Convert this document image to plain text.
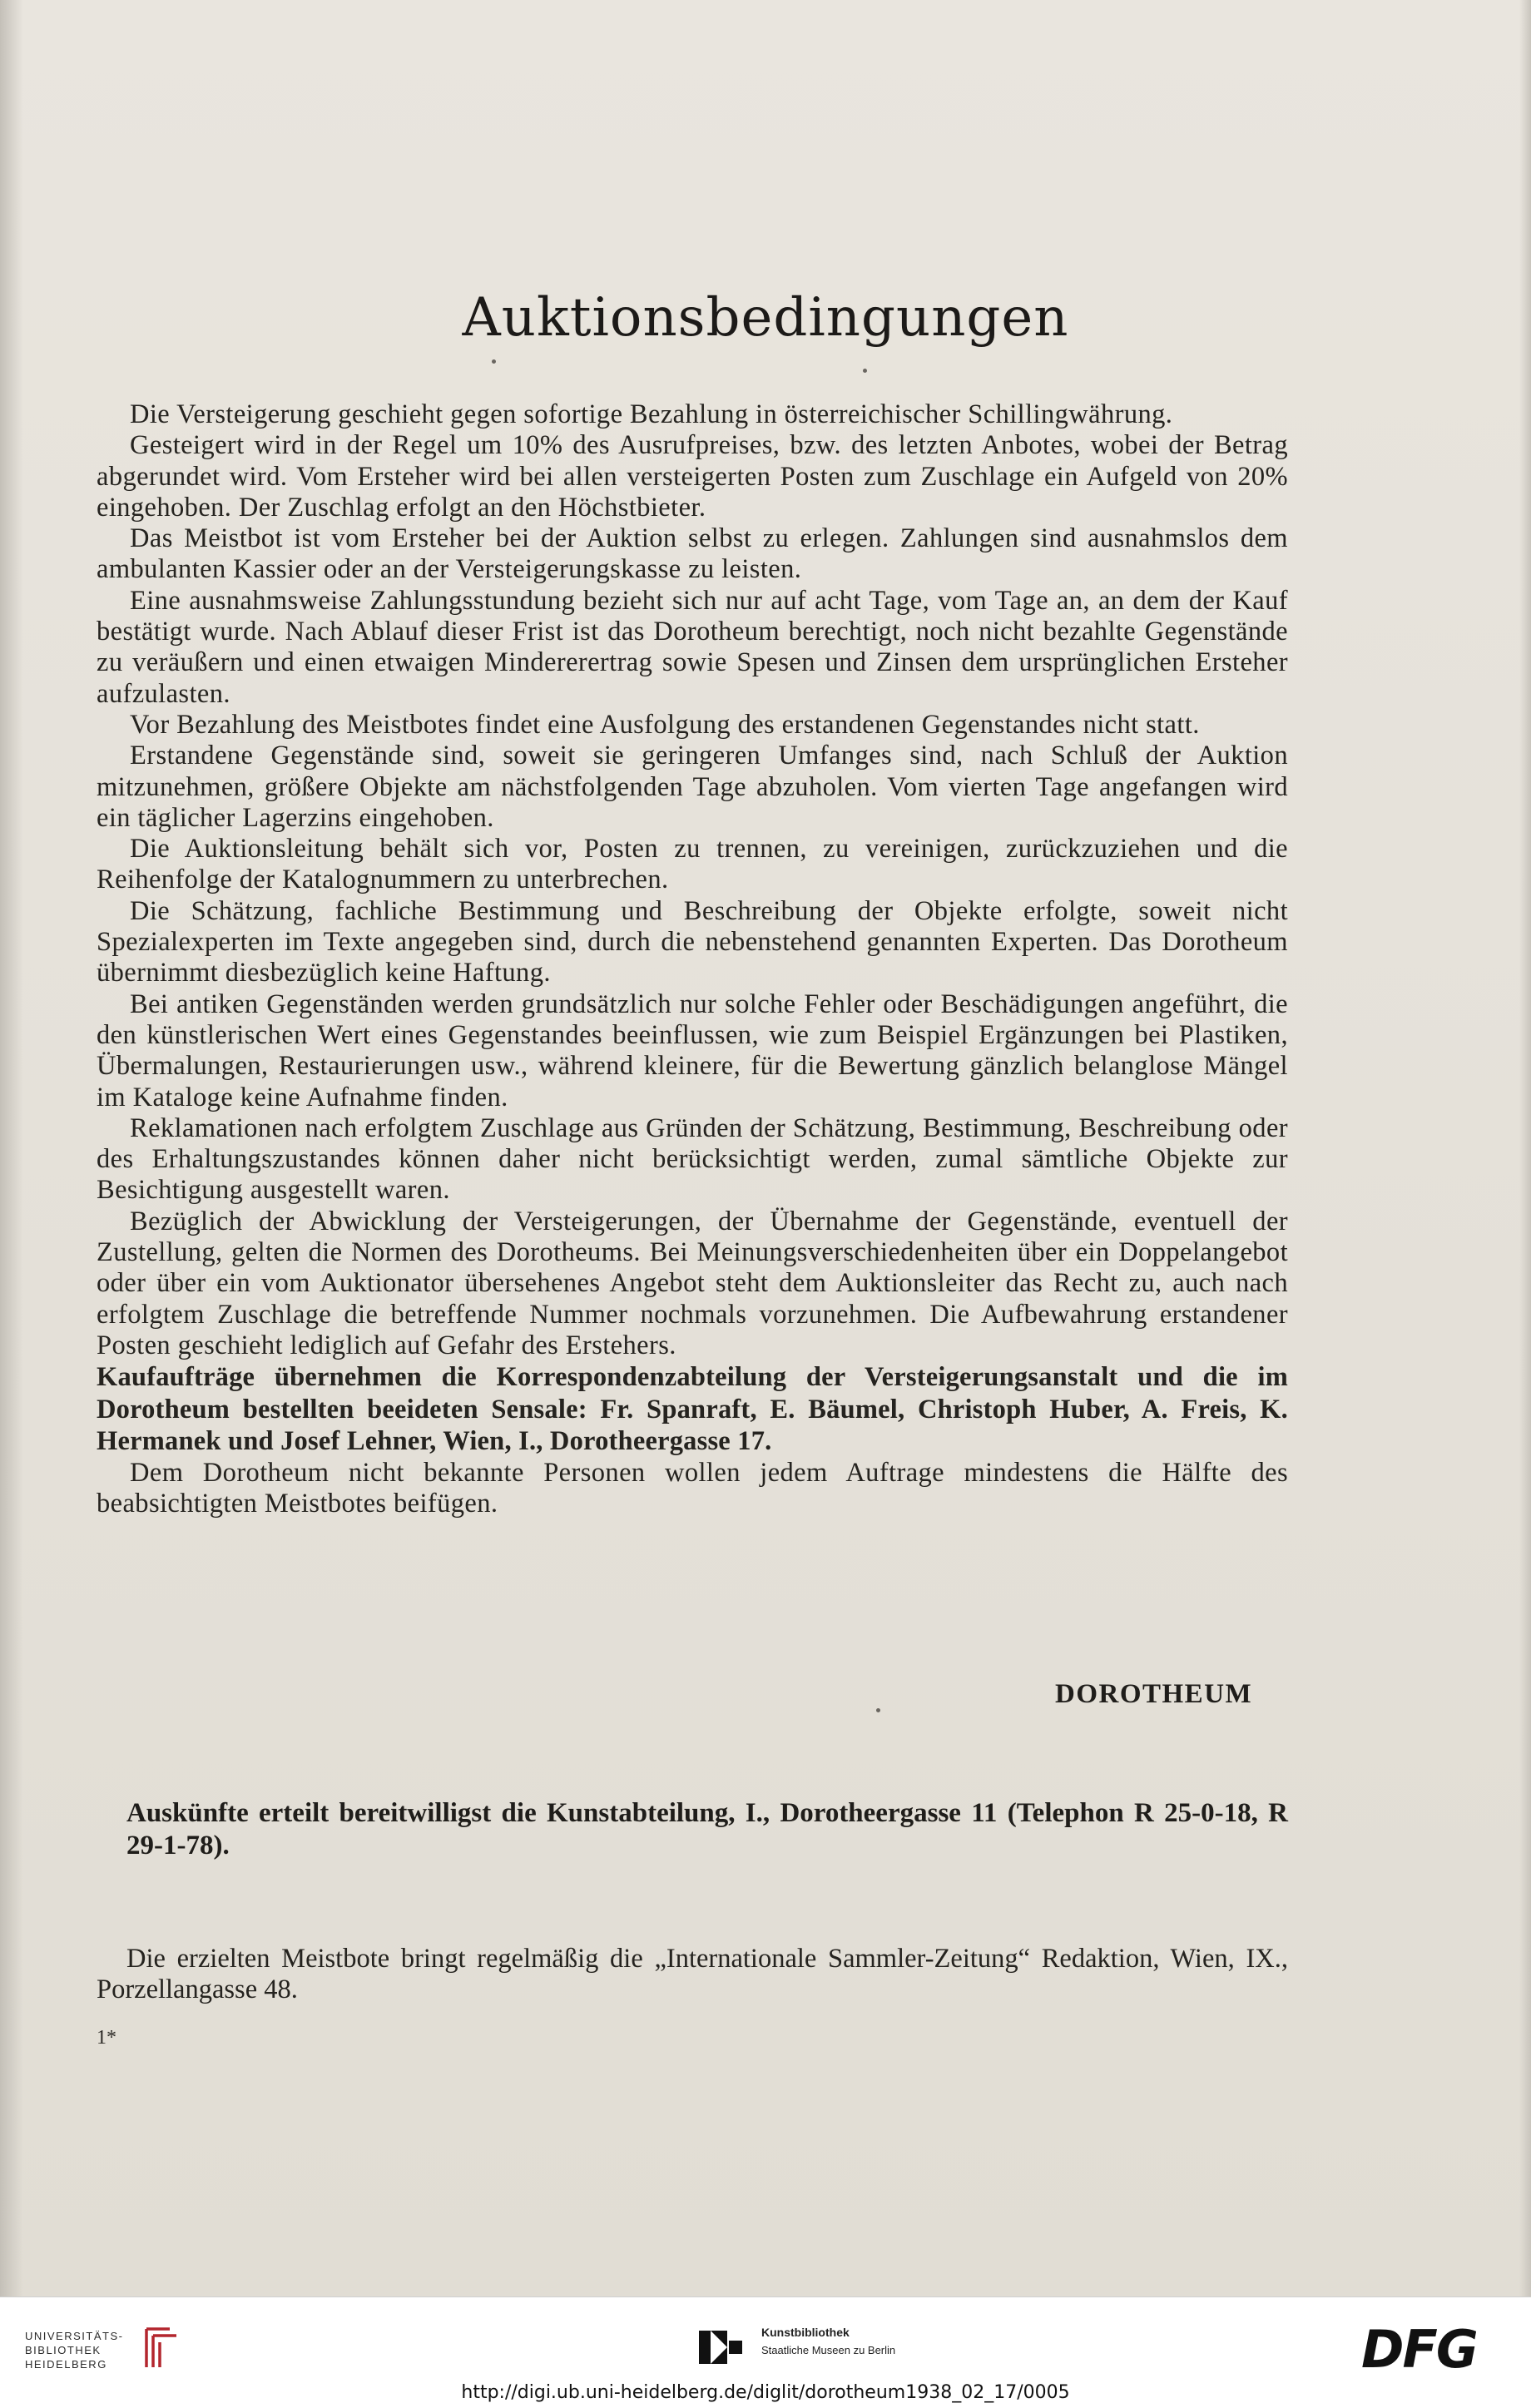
Auktionsbedingungen

Die Versteigerung geschieht gegen sofortige Bezahlung in österreichischer Schillingwährung.

Gesteigert wird in der Regel um 10% des Ausrufpreises, bzw. des letzten Anbotes, wobei der Betrag abgerundet wird. Vom Ersteher wird bei allen versteigerten Posten zum Zuschlage ein Aufgeld von 20% eingehoben. Der Zuschlag erfolgt an den Höchstbieter.

Das Meistbot ist vom Ersteher bei der Auktion selbst zu erlegen. Zahlungen sind ausnahmslos dem ambulanten Kassier oder an der Versteigerungskasse zu leisten.

Eine ausnahmsweise Zahlungsstundung bezieht sich nur auf acht Tage, vom Tage an, an dem der Kauf bestätigt wurde. Nach Ablauf dieser Frist ist das Dorotheum berechtigt, noch nicht bezahlte Gegenstände zu veräußern und einen etwaigen Mindererertrag sowie Spesen und Zinsen dem ursprünglichen Ersteher aufzulasten.

Vor Bezahlung des Meistbotes findet eine Ausfolgung des erstandenen Gegenstandes nicht statt.

Erstandene Gegenstände sind, soweit sie geringeren Umfanges sind, nach Schluß der Auktion mitzunehmen, größere Objekte am nächstfolgenden Tage abzuholen. Vom vierten Tage angefangen wird ein täglicher Lagerzins eingehoben.

Die Auktionsleitung behält sich vor, Posten zu trennen, zu vereinigen, zurückzuziehen und die Reihenfolge der Katalognummern zu unterbrechen.

Die Schätzung, fachliche Bestimmung und Beschreibung der Objekte erfolgte, soweit nicht Spezialexperten im Texte angegeben sind, durch die nebenstehend genannten Experten. Das Dorotheum übernimmt diesbezüglich keine Haftung.

Bei antiken Gegenständen werden grundsätzlich nur solche Fehler oder Beschädigungen angeführt, die den künstlerischen Wert eines Gegenstandes beeinflussen, wie zum Beispiel Ergänzungen bei Plastiken, Übermalungen, Restaurierungen usw., während kleinere, für die Bewertung gänzlich belanglose Mängel im Kataloge keine Aufnahme finden.

Reklamationen nach erfolgtem Zuschlage aus Gründen der Schätzung, Bestimmung, Beschreibung oder des Erhaltungszustandes können daher nicht berücksichtigt werden, zumal sämtliche Objekte zur Besichtigung ausgestellt waren.

Bezüglich der Abwicklung der Versteigerungen, der Übernahme der Gegenstände, eventuell der Zustellung, gelten die Normen des Dorotheums. Bei Meinungsverschiedenheiten über ein Doppelangebot oder über ein vom Auktionator übersehenes Angebot steht dem Auktionsleiter das Recht zu, auch nach erfolgtem Zuschlage die betreffende Nummer nochmals vorzunehmen. Die Aufbewahrung erstandener Posten geschieht lediglich auf Gefahr des Erstehers.

Kaufaufträge übernehmen die Korrespondenzabteilung der Versteigerungsanstalt und die im Dorotheum bestellten beeideten Sensale: Fr. Spanraft, E. Bäumel, Christoph Huber, A. Freis, K. Hermanek und Josef Lehner, Wien, I., Dorotheergasse 17.

Dem Dorotheum nicht bekannte Personen wollen jedem Auftrage mindestens die Hälfte des beabsichtigten Meistbotes beifügen.

DOROTHEUM
Auskünfte erteilt bereitwilligst die Kunstabteilung, I., Dorotheergasse 11 (Telephon R 25-0-18, R 29-1-78).
Die erzielten Meistbote bringt regelmäßig die „Internationale Sammler-Zeitung“ Redaktion, Wien, IX., Porzellangasse 48.
1*
UNIVERSITÄTS-
BIBLIOTHEK
HEIDELBERG
Kunstbibliothek
Staatliche Museen zu Berlin	DFG
http://digi.ub.uni-heidelberg.de/diglit/dorotheum1938_02_17/0005
